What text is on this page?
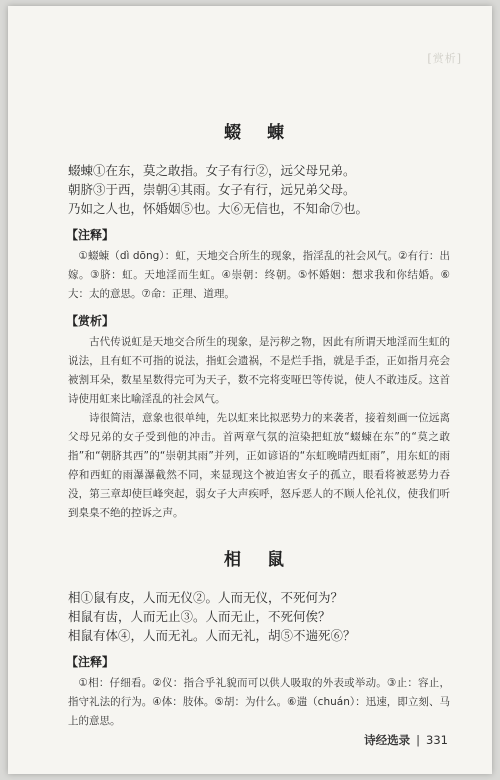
[赏析]
蝃 蝀
蝃蝀①在东，莫之敢指。女子有行②，远父母兄弟。
朝脐③于西，崇朝④其雨。女子有行，远兄弟父母。
乃如之人也，怀婚姻⑤也。大⑥无信也，不知命⑦也。
【注释】

①蝃蝀（dì dōng）：虹，天地交合所生的现象，指淫乱的社会风气。②有行：出嫁。③脐：虹。天地淫而生虹。④崇朝：终朝。⑤怀婚姻：想求我和你结婚。⑥大：太的意思。⑦命：正理、道理。

【赏析】

古代传说虹是天地交合所生的现象，是污秽之物，因此有所谓天地淫而生虹的说法，且有虹不可指的说法，指虹会遗祸，不是烂手指，就是手歪，正如指月亮会被割耳朵，数星星数得完可为天子，数不完将变哑巴等传说，使人不敢违反。这首诗使用虹来比喻淫乱的社会风气。

诗很简洁，意象也很单纯，先以虹来比拟恶势力的来袭者，接着刻画一位远离父母兄弟的女子受到他的冲击。首两章气氛的渲染把虹放“蝃蝀在东”的“莫之敢指”和“朝脐其西”的“崇朝其雨”并列，正如谚语的“东虹晚晴西虹雨”，用东虹的雨停和西虹的雨瀑瀑截然不同，来显现这个被迫害女子的孤立，眼看将被恶势力吞没，第三章却使巨峰突起，弱女子大声疾呼，怒斥恶人的不顾人伦礼仪，使我们听到臬臬不绝的控诉之声。

相 鼠
相①鼠有皮，人而无仪②。人而无仪，不死何为？
相鼠有齿，人而无止③。人而无止，不死何俟？
相鼠有体④，人而无礼。人而无礼，胡⑤不遄死⑥？
【注释】

①相：仔细看。②仪：指合乎礼貌而可以供人吸取的外表或举动。③止：容止，指守礼法的行为。④体：肢体。⑤胡：为什么。⑥遄（chuán）：迅速，即立刻、马上的意思。

诗经选录 | 331
